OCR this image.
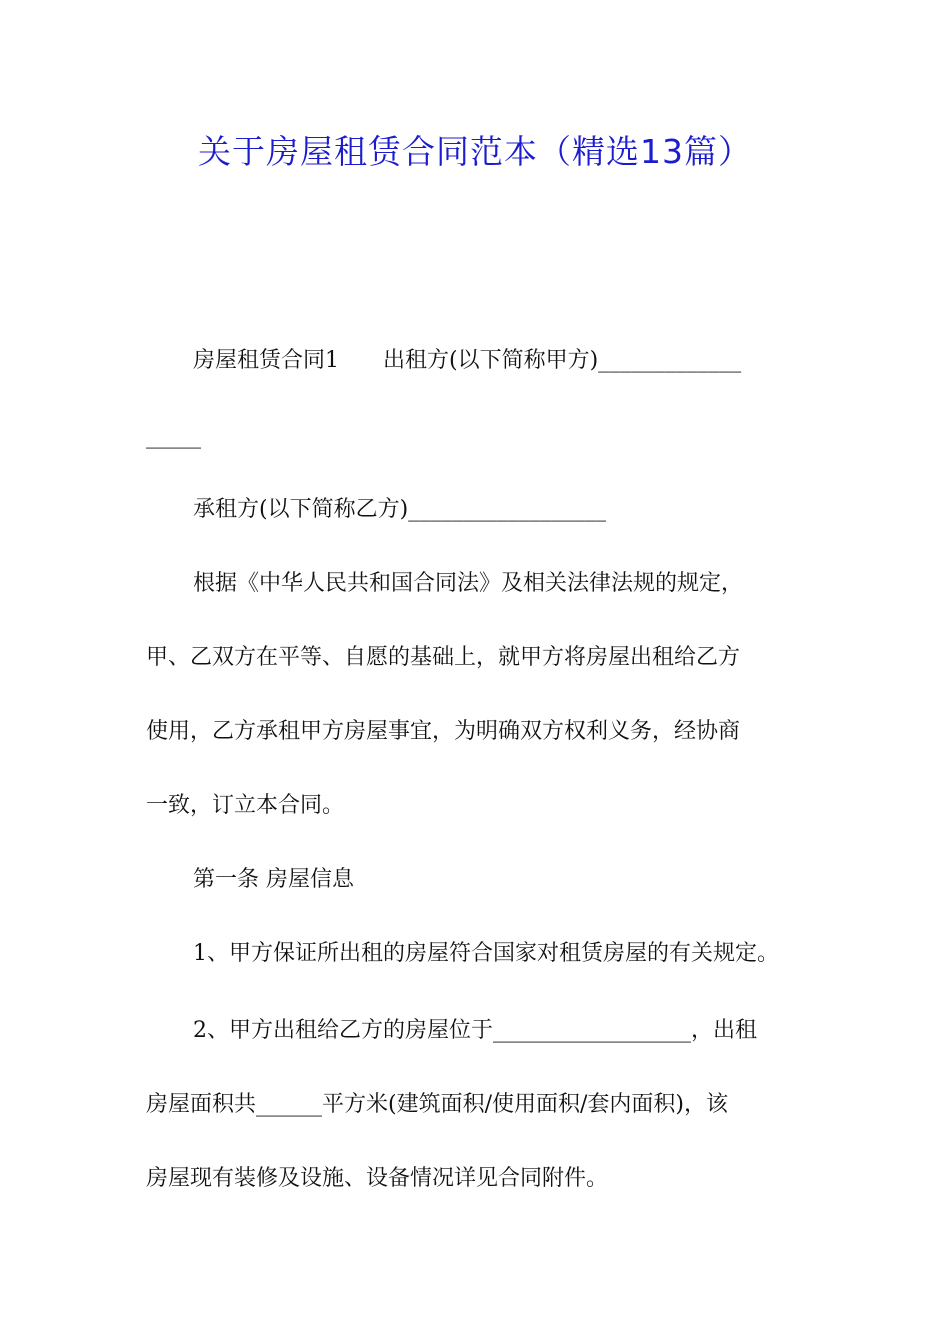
关于房屋租赁合同范本（精选13篇）
房屋租赁合同1　　出租方(以下简称甲方)_____________
_____
承租方(以下简称乙方)__________________
根据《中华人民共和国合同法》及相关法律法规的规定，
甲、乙双方在平等、自愿的基础上，就甲方将房屋出租给乙方
使用，乙方承租甲方房屋事宜，为明确双方权利义务，经协商
一致，订立本合同。
第一条 房屋信息
1、甲方保证所出租的房屋符合国家对租赁房屋的有关规定。
2、甲方出租给乙方的房屋位于__________________，出租
房屋面积共______平方米(建筑面积/使用面积/套内面积)，该
房屋现有装修及设施、设备情况详见合同附件。
